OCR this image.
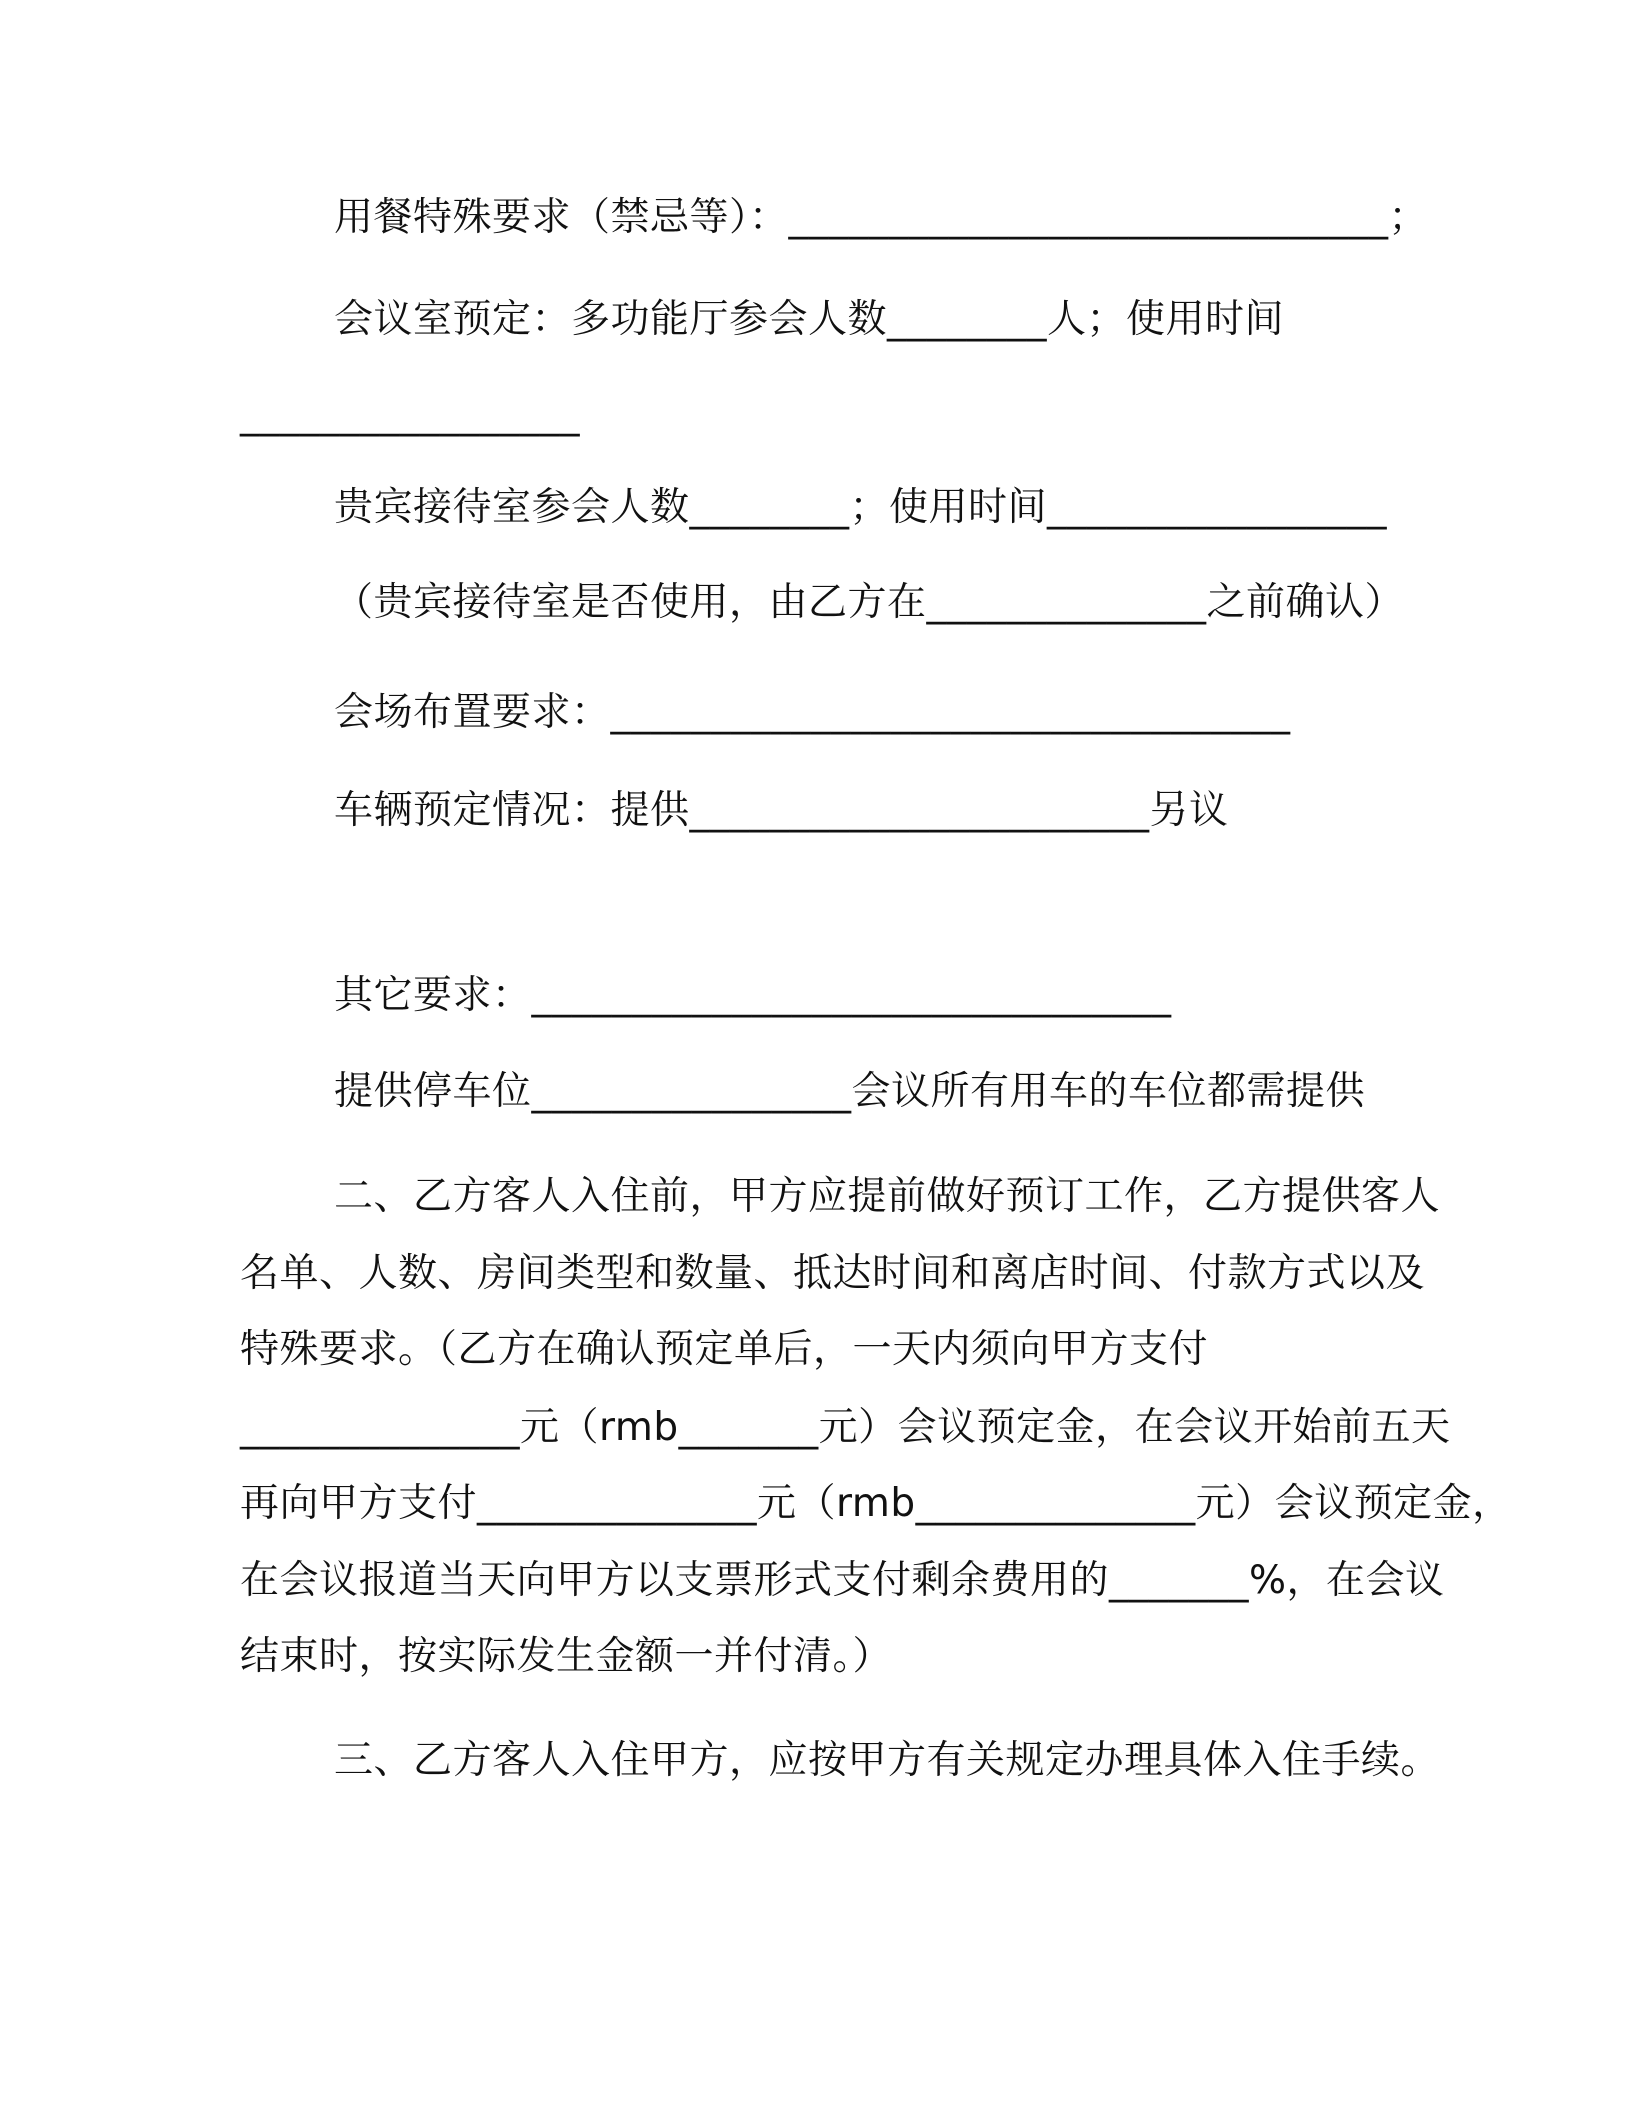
用餐特殊要求（禁忌等）：______________________________；
会议室预定：多功能厅参会人数________人；使用时间
_________________
贵宾接待室参会人数________；使用时间_________________
（贵宾接待室是否使用，由乙方在______________之前确认）
会场布置要求：__________________________________
车辆预定情况：提供_______________________另议
其它要求：________________________________
提供停车位________________会议所有用车的车位都需提供
二、乙方客人入住前，甲方应提前做好预订工作，乙方提供客人
名单、人数、房间类型和数量、抵达时间和离店时间、付款方式以及
特殊要求。（乙方在确认预定单后，一天内须向甲方支付
______________元（rmb_______元）会议预定金，在会议开始前五天
再向甲方支付______________元（rmb______________元）会议预定金，
在会议报道当天向甲方以支票形式支付剩余费用的_______%，在会议
结束时，按实际发生金额一并付清。）
三、乙方客人入住甲方，应按甲方有关规定办理具体入住手续。
